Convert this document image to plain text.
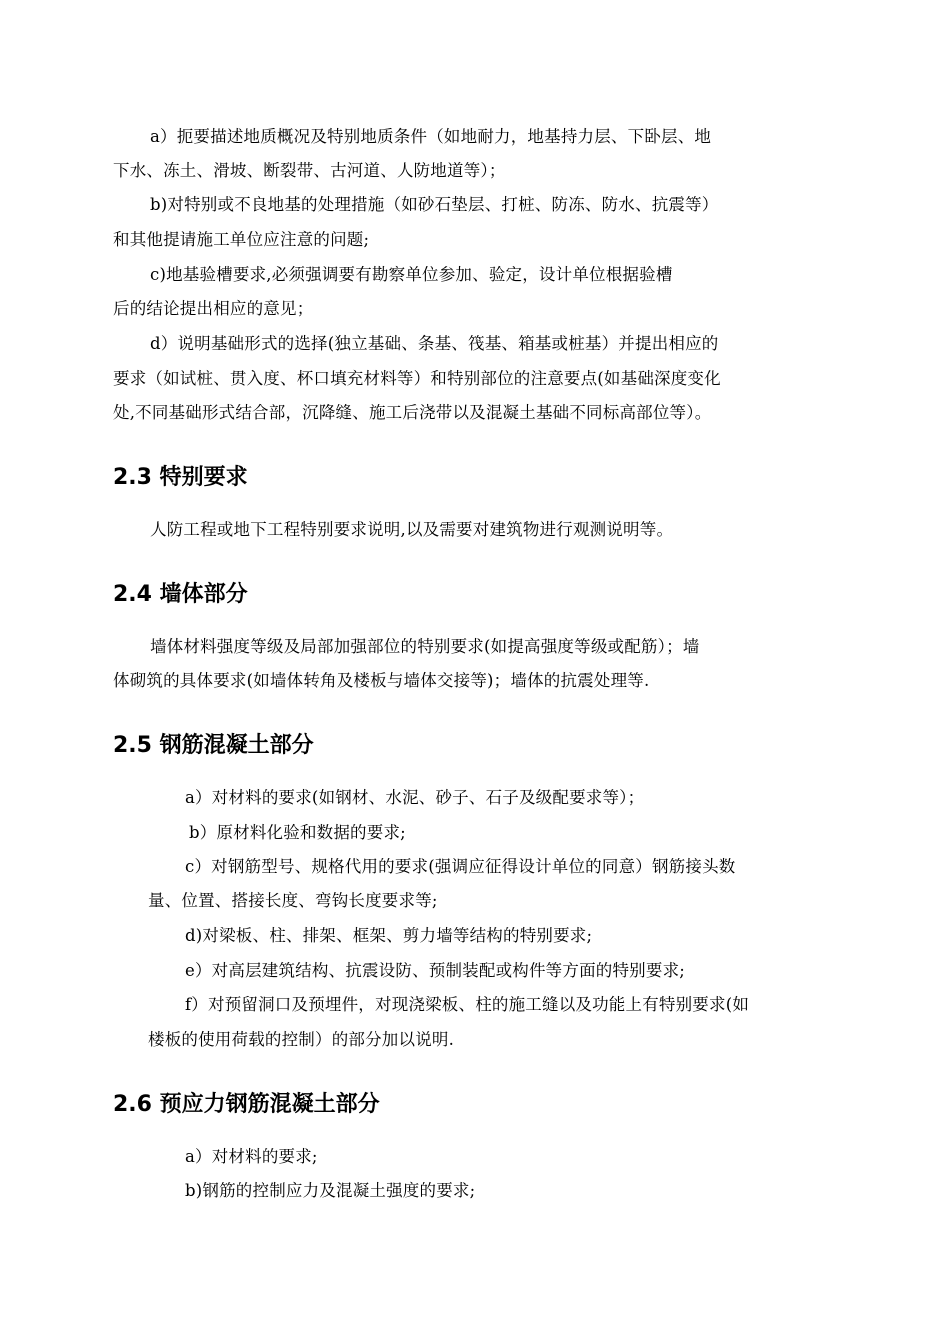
a）扼要描述地质概况及特别地质条件（如地耐力，地基持力层、下卧层、地
下水、冻土、滑坡、断裂带、古河道、人防地道等）；
b)对特别或不良地基的处理措施（如砂石垫层、打桩、防冻、防水、抗震等）
和其他提请施工单位应注意的问题;
c)地基验槽要求,必须强调要有勘察单位参加、验定，设计单位根据验槽
后的结论提出相应的意见；
d）说明基础形式的选择(独立基础、条基、筏基、箱基或桩基）并提出相应的
要求（如试桩、贯入度、杯口填充材料等）和特别部位的注意要点(如基础深度变化
处,不同基础形式结合部，沉降缝、施工后浇带以及混凝土基础不同标高部位等）。
2.3 特别要求
人防工程或地下工程特别要求说明,以及需要对建筑物进行观测说明等。
2.4 墙体部分
墙体材料强度等级及局部加强部位的特别要求(如提高强度等级或配筋）；墙
体砌筑的具体要求(如墙体转角及楼板与墙体交接等)；墙体的抗震处理等.
2.5 钢筋混凝土部分
a）对材料的要求(如钢材、水泥、砂子、石子及级配要求等）；
b）原材料化验和数据的要求;
c）对钢筋型号、规格代用的要求(强调应征得设计单位的同意）钢筋接头数
量、位置、搭接长度、弯钩长度要求等;
d)对梁板、柱、排架、框架、剪力墙等结构的特别要求;
e）对高层建筑结构、抗震设防、预制装配或构件等方面的特别要求;
f）对预留洞口及预埋件，对现浇梁板、柱的施工缝以及功能上有特别要求(如
楼板的使用荷载的控制）的部分加以说明.
2.6 预应力钢筋混凝土部分
a）对材料的要求;
b)钢筋的控制应力及混凝土强度的要求;
